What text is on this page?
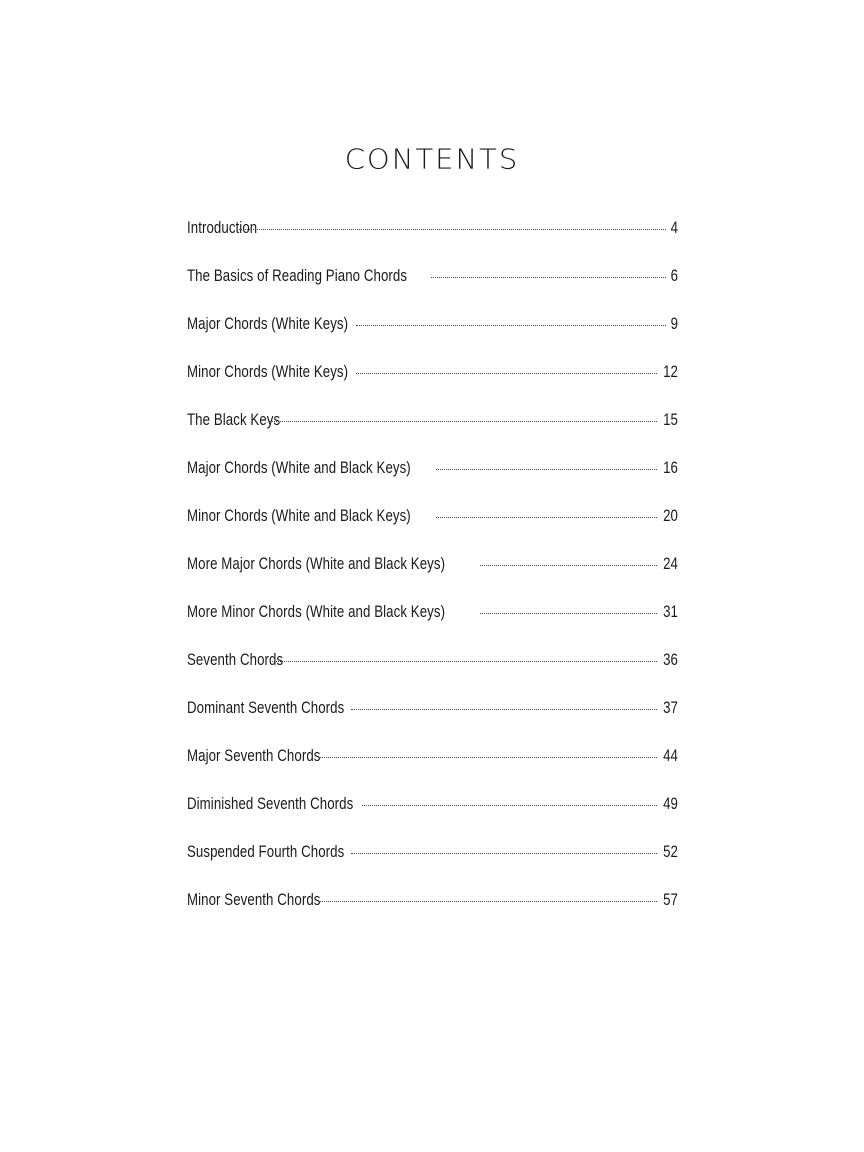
CONTENTS
Introduction	4
The Basics of Reading Piano Chords	6
Major Chords (White Keys)	9
Minor Chords (White Keys)	12
The Black Keys	15
Major Chords (White and Black Keys)	16
Minor Chords (White and Black Keys)	20
More Major Chords (White and Black Keys)	24
More Minor Chords (White and Black Keys)	31
Seventh Chords	36
Dominant Seventh Chords	37
Major Seventh Chords	44
Diminished Seventh Chords	49
Suspended Fourth Chords	52
Minor Seventh Chords	57
